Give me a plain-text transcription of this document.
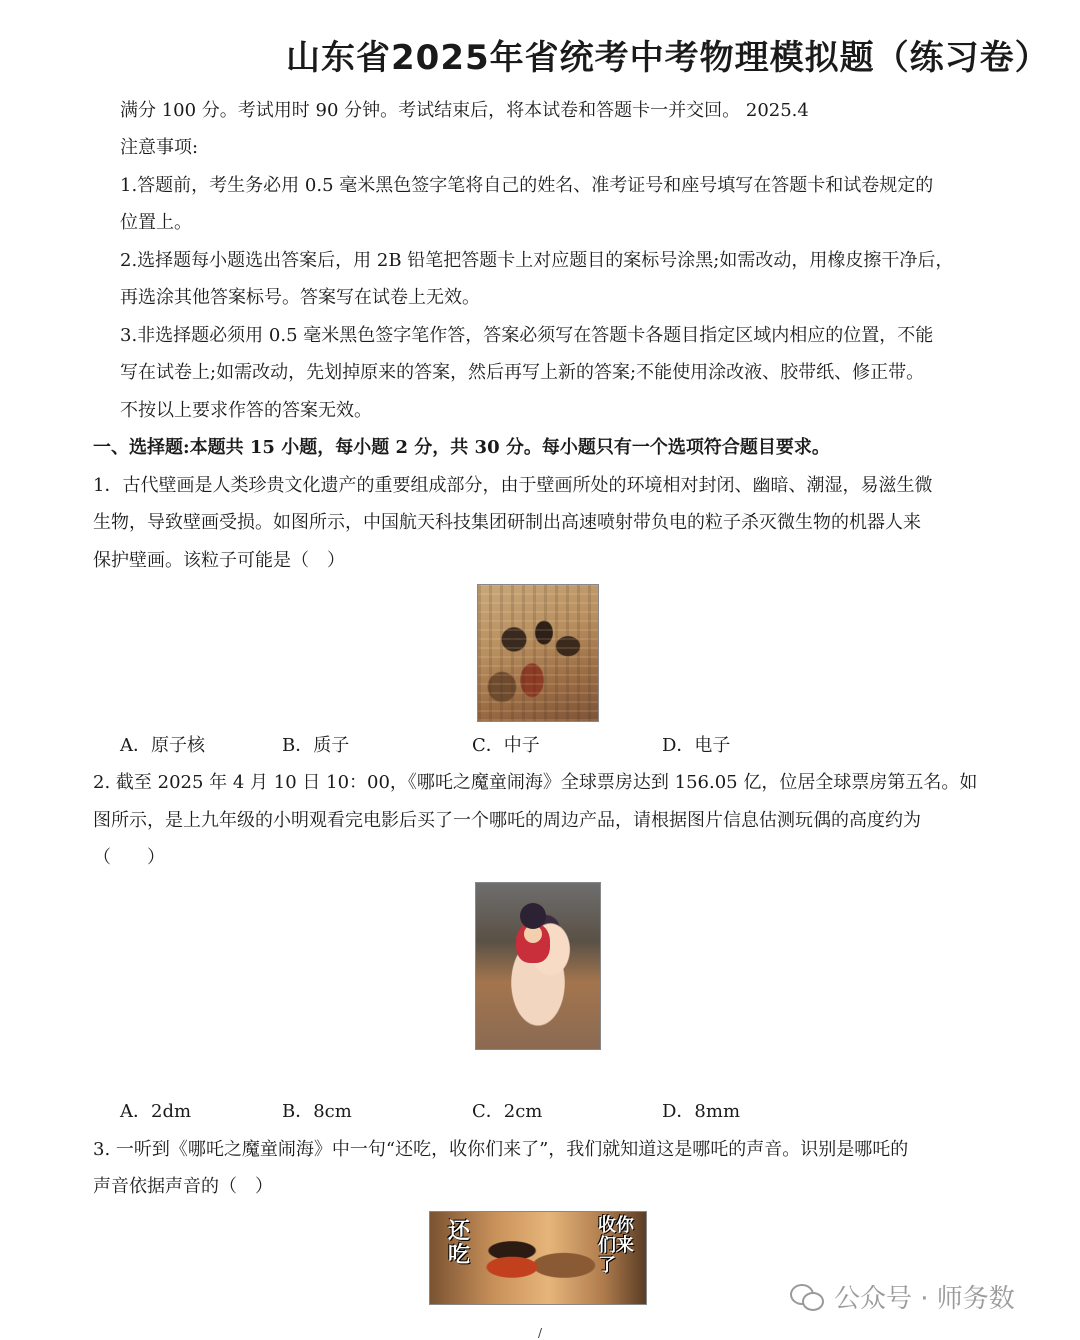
山东省2025年省统考中考物理模拟题（练习卷）
满分 100 分。考试用时 90 分钟。考试结束后，将本试卷和答题卡一并交回。 2025.4
注意事项:
1.答题前，考生务必用 0.5 毫米黑色签字笔将自己的姓名、准考证号和座号填写在答题卡和试卷规定的
位置上。
2.选择题每小题选出答案后，用 2B 铅笔把答题卡上对应题目的案标号涂黑;如需改动，用橡皮擦干净后，
再选涂其他答案标号。答案写在试卷上无效。
3.非选择题必须用 0.5 毫米黑色签字笔作答，答案必须写在答题卡各题目指定区域内相应的位置，不能
写在试卷上;如需改动，先划掉原来的答案，然后再写上新的答案;不能使用涂改液、胶带纸、修正带。
不按以上要求作答的答案无效。
一、选择题:本题共 15 小题，每小题 2 分，共 30 分。每小题只有一个选项符合题目要求。
1．古代壁画是人类珍贵文化遗产的重要组成部分，由于壁画所处的环境相对封闭、幽暗、潮湿，易滋生微
生物，导致壁画受损。如图所示，中国航天科技集团研制出高速喷射带负电的粒子杀灭微生物的机器人来
保护壁画。该粒子可能是（　）
A．原子核	B．质子	C．中子	D．电子
2. 截至 2025 年 4 月 10 日 10：00，《哪吒之魔童闹海》全球票房达到 156.05 亿，位居全球票房第五名。如
图所示，是上九年级的小明观看完电影后买了一个哪吒的周边产品，请根据图片信息估测玩偶的高度约为
（　　）
A．2dm	B．8cm	C．2cm	D．8mm
3. 一听到《哪吒之魔童闹海》中一句“还吃，收你们来了”，我们就知道这是哪吒的声音。识别是哪吒的
声音依据声音的（　）
还吃
收你们来了
公众号 · 师务数
/
